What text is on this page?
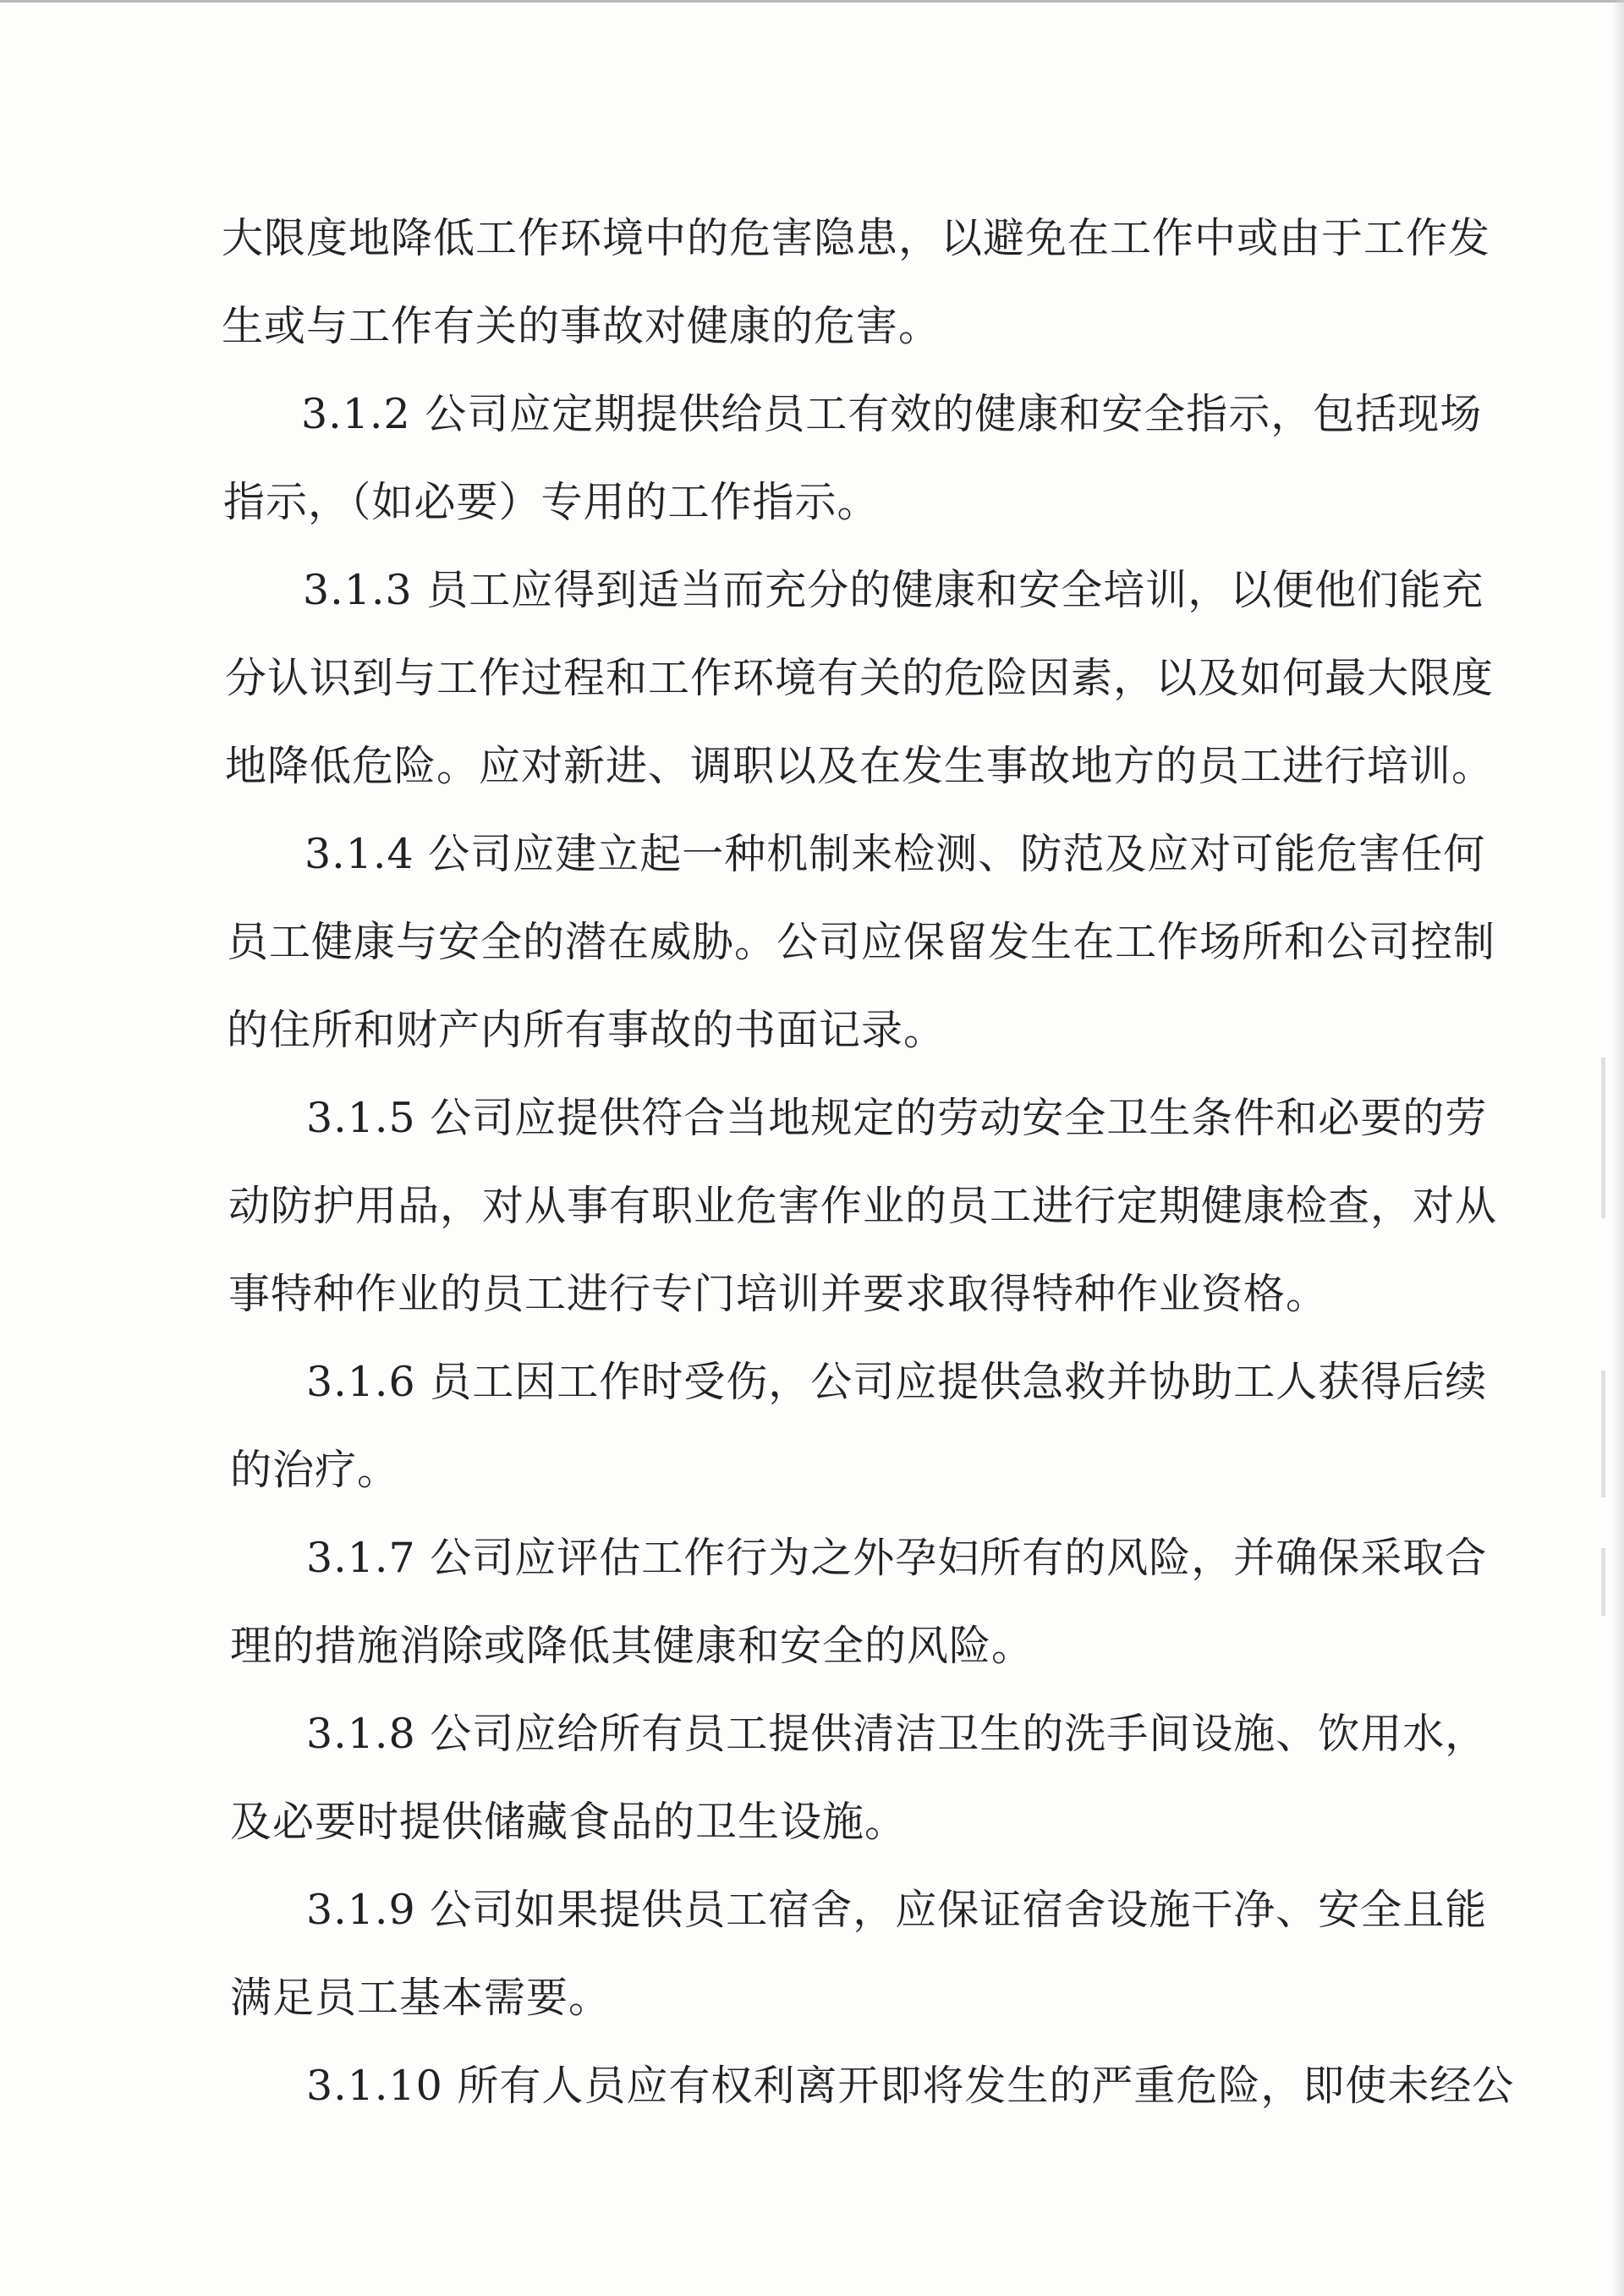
大限度地降低工作环境中的危害隐患，以避免在工作中或由于工作发
生或与工作有关的事故对健康的危害。
3.1.2 公司应定期提供给员工有效的健康和安全指示，包括现场
指示，（如必要）专用的工作指示。
3.1.3 员工应得到适当而充分的健康和安全培训，以便他们能充
分认识到与工作过程和工作环境有关的危险因素，以及如何最大限度
地降低危险。应对新进、调职以及在发生事故地方的员工进行培训。
3.1.4 公司应建立起一种机制来检测、防范及应对可能危害任何
员工健康与安全的潜在威胁。公司应保留发生在工作场所和公司控制
的住所和财产内所有事故的书面记录。
3.1.5 公司应提供符合当地规定的劳动安全卫生条件和必要的劳
动防护用品，对从事有职业危害作业的员工进行定期健康检查，对从
事特种作业的员工进行专门培训并要求取得特种作业资格。
3.1.6 员工因工作时受伤，公司应提供急救并协助工人获得后续
的治疗。
3.1.7 公司应评估工作行为之外孕妇所有的风险，并确保采取合
理的措施消除或降低其健康和安全的风险。
3.1.8 公司应给所有员工提供清洁卫生的洗手间设施、饮用水，
及必要时提供储藏食品的卫生设施。
3.1.9 公司如果提供员工宿舍，应保证宿舍设施干净、安全且能
满足员工基本需要。
3.1.10 所有人员应有权利离开即将发生的严重危险，即使未经公
